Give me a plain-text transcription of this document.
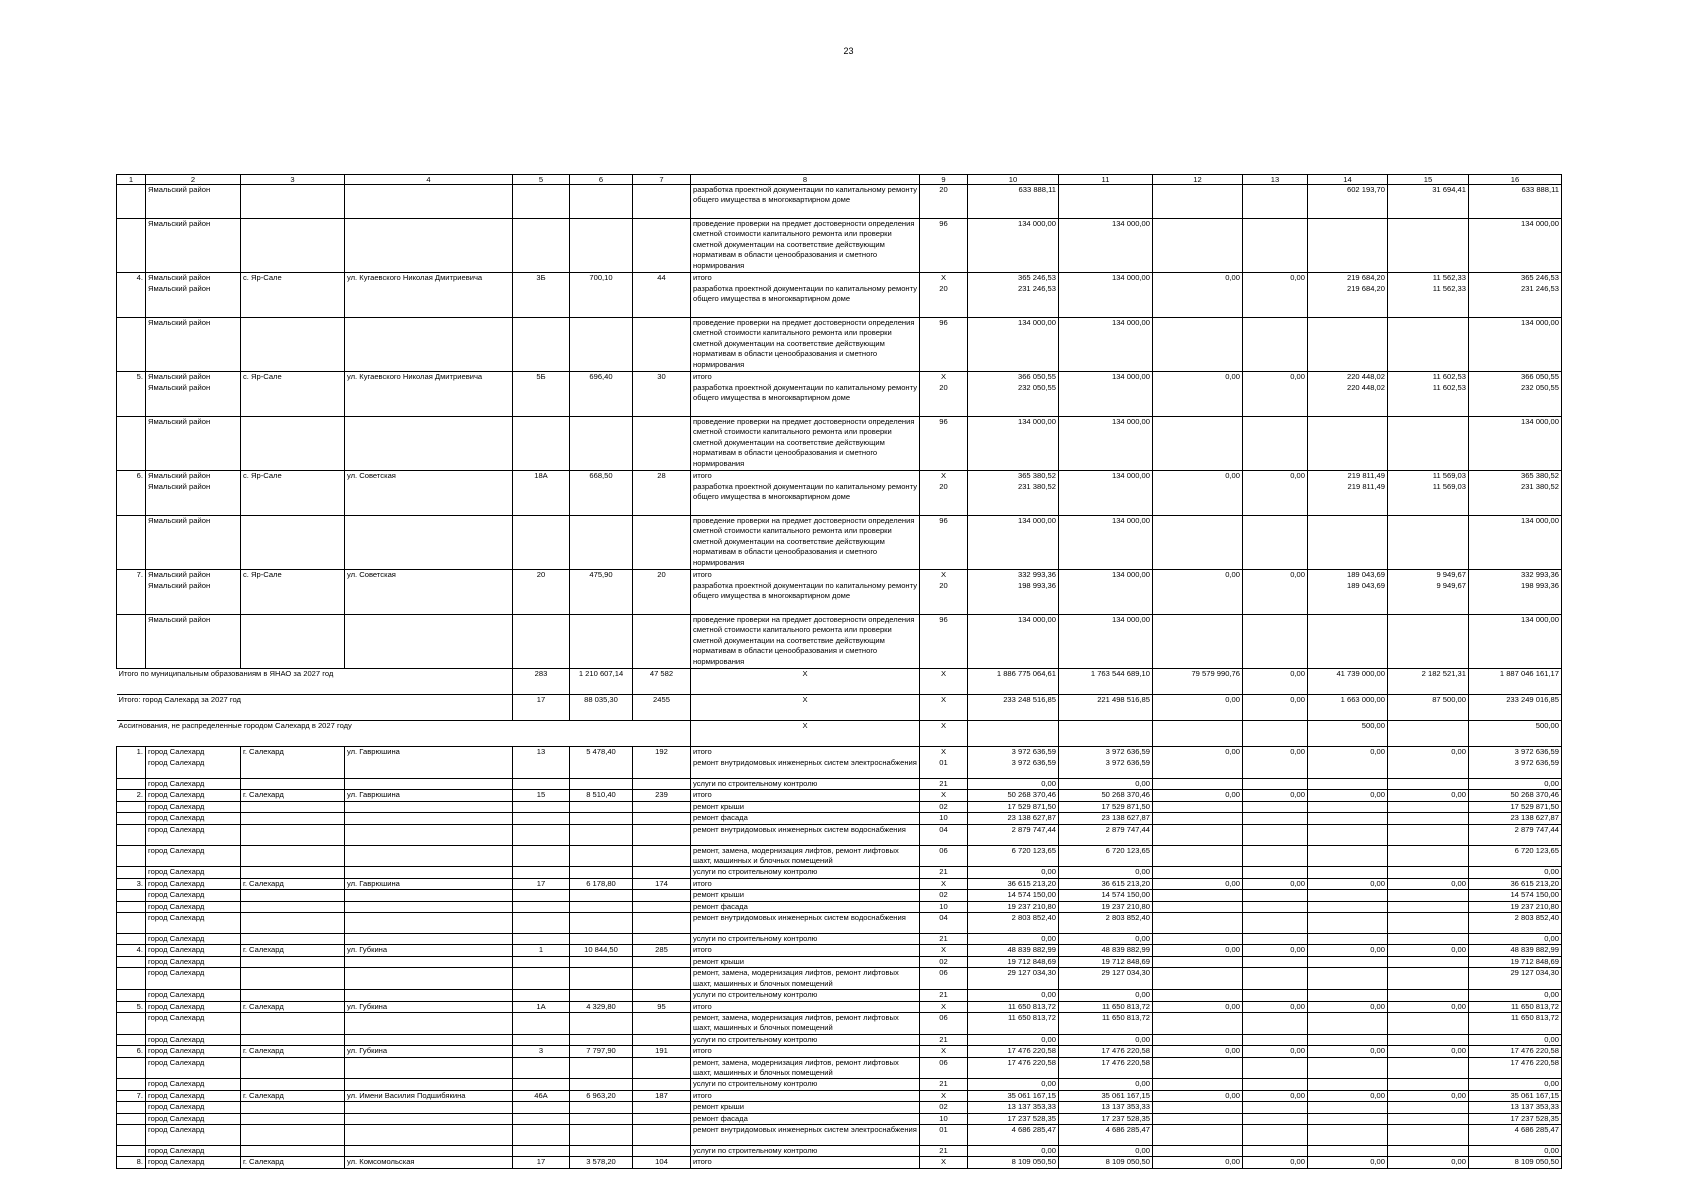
23
1	2	3	4	5	6	7	8	9	10	11	12	13	14	15	16
	Ямальский район						разработка проектной документации по капитальному ремонту общего имущества в многоквартирном доме	20	633 888,11				602 193,70	31 694,41	633 888,11
	Ямальский район						проведение проверки на предмет достоверности определения сметной стоимости капитального ремонта или проверки сметной документации на соответствие действующим нормативам в области ценообразования и сметного нормирования	96	134 000,00	134 000,00					134 000,00
4.	Ямальский район	с. Яр-Сале	ул. Кугаевского Николая Дмитриевича	3Б	700,10	44	итого	X	365 246,53	134 000,00	0,00	0,00	219 684,20	11 562,33	365 246,53
	Ямальский район						разработка проектной документации по капитальному ремонту общего имущества в многоквартирном доме	20	231 246,53				219 684,20	11 562,33	231 246,53
	Ямальский район						проведение проверки на предмет достоверности определения сметной стоимости капитального ремонта или проверки сметной документации на соответствие действующим нормативам в области ценообразования и сметного нормирования	96	134 000,00	134 000,00					134 000,00
5.	Ямальский район	с. Яр-Сале	ул. Кугаевского Николая Дмитриевича	5Б	696,40	30	итого	X	366 050,55	134 000,00	0,00	0,00	220 448,02	11 602,53	366 050,55
	Ямальский район						разработка проектной документации по капитальному ремонту общего имущества в многоквартирном доме	20	232 050,55				220 448,02	11 602,53	232 050,55
	Ямальский район						проведение проверки на предмет достоверности определения сметной стоимости капитального ремонта или проверки сметной документации на соответствие действующим нормативам в области ценообразования и сметного нормирования	96	134 000,00	134 000,00					134 000,00
6.	Ямальский район	с. Яр-Сале	ул. Советская	18А	668,50	28	итого	X	365 380,52	134 000,00	0,00	0,00	219 811,49	11 569,03	365 380,52
	Ямальский район						разработка проектной документации по капитальному ремонту общего имущества в многоквартирном доме	20	231 380,52				219 811,49	11 569,03	231 380,52
	Ямальский район						проведение проверки на предмет достоверности определения сметной стоимости капитального ремонта или проверки сметной документации на соответствие действующим нормативам в области ценообразования и сметного нормирования	96	134 000,00	134 000,00					134 000,00
7.	Ямальский район	с. Яр-Сале	ул. Советская	20	475,90	20	итого	X	332 993,36	134 000,00	0,00	0,00	189 043,69	9 949,67	332 993,36
	Ямальский район						разработка проектной документации по капитальному ремонту общего имущества в многоквартирном доме	20	198 993,36				189 043,69	9 949,67	198 993,36
	Ямальский район						проведение проверки на предмет достоверности определения сметной стоимости капитального ремонта или проверки сметной документации на соответствие действующим нормативам в области ценообразования и сметного нормирования	96	134 000,00	134 000,00					134 000,00
Итого по муниципальным образованиям в ЯНАО за 2027 год				283	1 210 607,14	47 582	X	X	1 886 775 064,61	1 763 544 689,10	79 579 990,76	0,00	41 739 000,00	2 182 521,31	1 887 046 161,17
Итого: город Салехард за 2027 год				17	88 035,30	2455	X	X	233 248 516,85	221 498 516,85	0,00	0,00	1 663 000,00	87 500,00	233 249 016,85
Ассигнования, не распределенные городом Салехард в 2027 году							X	X					500,00		500,00
1.	город Салехард	г. Салехард	ул. Гаврюшина	13	5 478,40	192	итого	X	3 972 636,59	3 972 636,59	0,00	0,00	0,00	0,00	3 972 636,59
	город Салехард						ремонт внутридомовых инженерных систем электроснабжения	01	3 972 636,59	3 972 636,59					3 972 636,59
	город Салехард						услуги по строительному контролю	21	0,00	0,00					0,00
2.	город Салехард	г. Салехард	ул. Гаврюшина	15	8 510,40	239	итого	X	50 268 370,46	50 268 370,46	0,00	0,00	0,00	0,00	50 268 370,46
	город Салехард						ремонт крыши	02	17 529 871,50	17 529 871,50					17 529 871,50
	город Салехард						ремонт фасада	10	23 138 627,87	23 138 627,87					23 138 627,87
	город Салехард						ремонт внутридомовых инженерных систем водоснабжения	04	2 879 747,44	2 879 747,44					2 879 747,44
	город Салехард						ремонт, замена, модернизация лифтов, ремонт лифтовых шахт, машинных и блочных помещений	06	6 720 123,65	6 720 123,65					6 720 123,65
	город Салехард						услуги по строительному контролю	21	0,00	0,00					0,00
3.	город Салехард	г. Салехард	ул. Гаврюшина	17	6 178,80	174	итого	X	36 615 213,20	36 615 213,20	0,00	0,00	0,00	0,00	36 615 213,20
	город Салехард						ремонт крыши	02	14 574 150,00	14 574 150,00					14 574 150,00
	город Салехард						ремонт фасада	10	19 237 210,80	19 237 210,80					19 237 210,80
	город Салехард						ремонт внутридомовых инженерных систем водоснабжения	04	2 803 852,40	2 803 852,40					2 803 852,40
	город Салехард						услуги по строительному контролю	21	0,00	0,00					0,00
4.	город Салехард	г. Салехард	ул. Губкина	1	10 844,50	285	итого	X	48 839 882,99	48 839 882,99	0,00	0,00	0,00	0,00	48 839 882,99
	город Салехард						ремонт крыши	02	19 712 848,69	19 712 848,69					19 712 848,69
	город Салехард						ремонт, замена, модернизация лифтов, ремонт лифтовых шахт, машинных и блочных помещений	06	29 127 034,30	29 127 034,30					29 127 034,30
	город Салехард						услуги по строительному контролю	21	0,00	0,00					0,00
5.	город Салехард	г. Салехард	ул. Губкина	1А	4 329,80	95	итого	X	11 650 813,72	11 650 813,72	0,00	0,00	0,00	0,00	11 650 813,72
	город Салехард						ремонт, замена, модернизация лифтов, ремонт лифтовых шахт, машинных и блочных помещений	06	11 650 813,72	11 650 813,72					11 650 813,72
	город Салехард						услуги по строительному контролю	21	0,00	0,00					0,00
6.	город Салехард	г. Салехард	ул. Губкина	3	7 797,90	191	итого	X	17 476 220,58	17 476 220,58	0,00	0,00	0,00	0,00	17 476 220,58
	город Салехард						ремонт, замена, модернизация лифтов, ремонт лифтовых шахт, машинных и блочных помещений	06	17 476 220,58	17 476 220,58					17 476 220,58
	город Салехард						услуги по строительному контролю	21	0,00	0,00					0,00
7.	город Салехард	г. Салехард	ул. Имени Василия Подшибякина	46А	6 963,20	187	итого	X	35 061 167,15	35 061 167,15	0,00	0,00	0,00	0,00	35 061 167,15
	город Салехард						ремонт крыши	02	13 137 353,33	13 137 353,33					13 137 353,33
	город Салехард						ремонт фасада	10	17 237 528,35	17 237 528,35					17 237 528,35
	город Салехард						ремонт внутридомовых инженерных систем электроснабжения	01	4 686 285,47	4 686 285,47					4 686 285,47
	город Салехард						услуги по строительному контролю	21	0,00	0,00					0,00
8.	город Салехард	г. Салехард	ул. Комсомольская	17	3 578,20	104	итого	X	8 109 050,50	8 109 050,50	0,00	0,00	0,00	0,00	8 109 050,50
